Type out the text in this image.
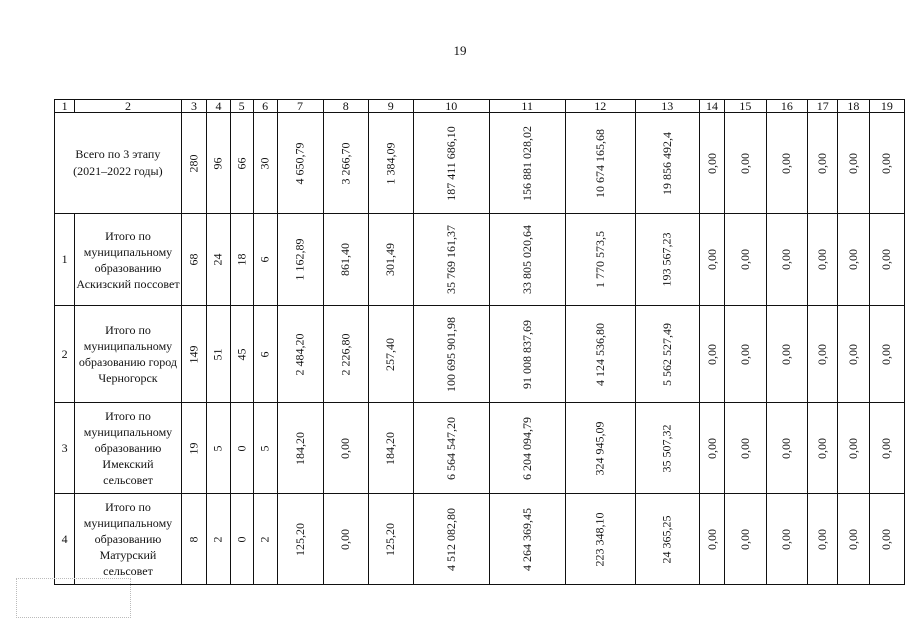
19
1	2	3	4	5	6	7	8	9	10	11	12	13	14	15	16	17	18	19

Всего по 3 этапу
(2021–2022 годы)		280	96	66	30	4 650,79	3 266,70	1 384,09	187 411 686,10	156 881 028,02	10 674 165,68	19 856 492,4	0,00	0,00	0,00	0,00	0,00	0,00
1	Итого по
муниципальному
образованию
Аскизский поссовет	68	24	18	6	1 162,89	861,40	301,49	35 769 161,37	33 805 020,64	1 770 573,5	193 567,23	0,00	0,00	0,00	0,00	0,00	0,00
2	Итого по
муниципальному
образованию город
Черногорск	149	51	45	6	2 484,20	2 226,80	257,40	100 695 901,98	91 008 837,69	4 124 536,80	5 562 527,49	0,00	0,00	0,00	0,00	0,00	0,00
3	Итого по
муниципальному
образованию
Имекский
сельсовет	19	5	0	5	184,20	0,00	184,20	6 564 547,20	6 204 094,79	324 945,09	35 507,32	0,00	0,00	0,00	0,00	0,00	0,00
4	Итого по
муниципальному
образованию
Матурский
сельсовет	8	2	0	2	125,20	0,00	125,20	4 512 082,80	4 264 369,45	223 348,10	24 365,25	0,00	0,00	0,00	0,00	0,00	0,00
